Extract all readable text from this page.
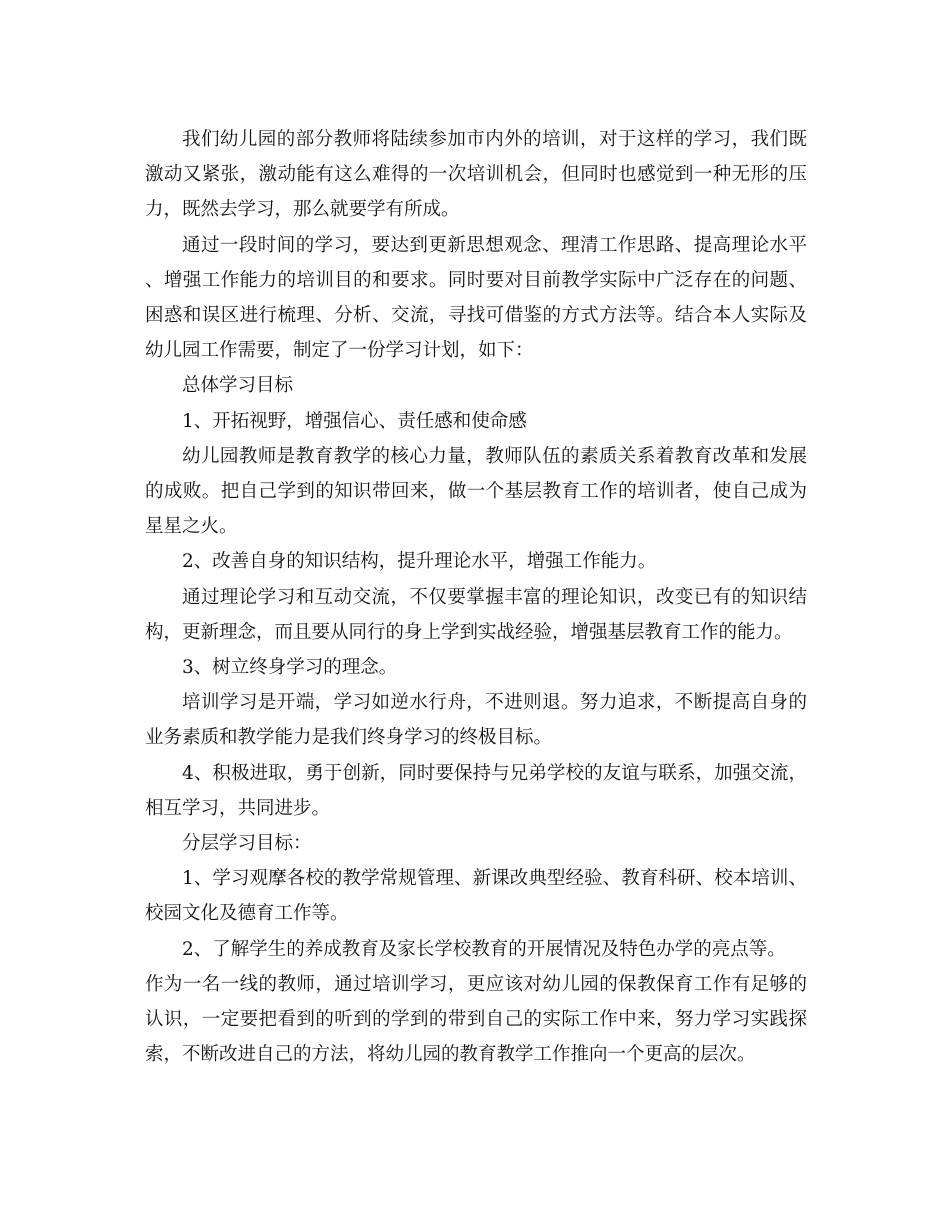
我们幼儿园的部分教师将陆续参加市内外的培训，对于这样的学习，我们既激动又紧张，激动能有这么难得的一次培训机会，但同时也感觉到一种无形的压力，既然去学习，那么就要学有所成。

通过一段时间的学习，要达到更新思想观念、理清工作思路、提高理论水平、增强工作能力的培训目的和要求。同时要对目前教学实际中广泛存在的问题、困惑和误区进行梳理、分析、交流，寻找可借鉴的方式方法等。结合本人实际及幼儿园工作需要，制定了一份学习计划，如下：

总体学习目标

1、开拓视野，增强信心、责任感和使命感

幼儿园教师是教育教学的核心力量，教师队伍的素质关系着教育改革和发展的成败。把自己学到的知识带回来，做一个基层教育工作的培训者，使自己成为星星之火。

2、改善自身的知识结构，提升理论水平，增强工作能力。

通过理论学习和互动交流，不仅要掌握丰富的理论知识，改变已有的知识结构，更新理念，而且要从同行的身上学到实战经验，增强基层教育工作的能力。

3、树立终身学习的理念。

培训学习是开端，学习如逆水行舟，不进则退。努力追求，不断提高自身的业务素质和教学能力是我们终身学习的终极目标。

4、积极进取，勇于创新，同时要保持与兄弟学校的友谊与联系，加强交流，相互学习，共同进步。

分层学习目标：

1、学习观摩各校的教学常规管理、新课改典型经验、教育科研、校本培训、校园文化及德育工作等。

2、了解学生的养成教育及家长学校教育的开展情况及特色办学的亮点等。

作为一名一线的教师，通过培训学习，更应该对幼儿园的保教保育工作有足够的认识，一定要把看到的听到的学到的带到自己的实际工作中来，努力学习实践探索，不断改进自己的方法，将幼儿园的教育教学工作推向一个更高的层次。
